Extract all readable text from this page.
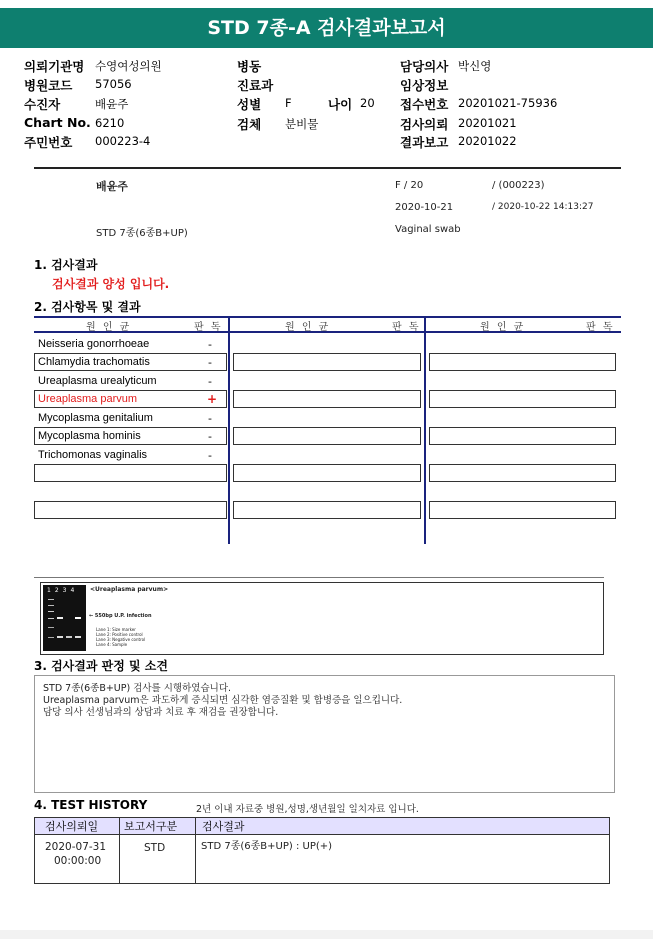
STD 7종-A 검사결과보고서
의뢰기관명 수영여성의원
병원코드 57056
수진자	배윤주
Chart No. 6210
주민번호 000223-4
병동
진료과
성별 F	나이 20
검체 분비물
담당의사 박신영
임상정보
접수번호 20201021-75936
검사의뢰 20201021
결과보고 20201022
배윤주	F / 20	/ (000223)
2020-10-21	/ 2020-10-22 14:13:27
STD 7종(6종B+UP)	Vaginal swab
1. 검사결과
검사결과 양성 입니다.
2. 검사항목 및 결과
원 인 균	판 독	원 인 균	판 독	원 인 균	판 독
Neisseria gonorrhoeae	-
Chlamydia trachomatis	-
Ureaplasma urealyticum	-
Ureaplasma parvum	+
Mycoplasma genitalium	-
Mycoplasma hominis	-
Trichomonas vaginalis	-
1234	<Ureaplasma parvum>
← 550bp U.P. infection
Lane 1: Size marker
Lane 2: Positive control
Lane 3: Negative control
Lane 4: Sample
3. 검사결과 판정 및 소견
STD 7종(6종B+UP) 검사를 시행하였습니다.
Ureaplasma parvum은 과도하게 증식되면 심각한 염증질환 및 합병증을 일으킵니다.
담당 의사 선생님과의 상담과 치료 후 재검을 권장합니다.
4. TEST HISTORY	2년 이내 자료중 병원,성명,생년월일 일치자료 입니다.
검사의뢰일 보고서구분 검사결과
2020-07-31
00:00:00
STD	STD 7종(6종B+UP) : UP(+)
